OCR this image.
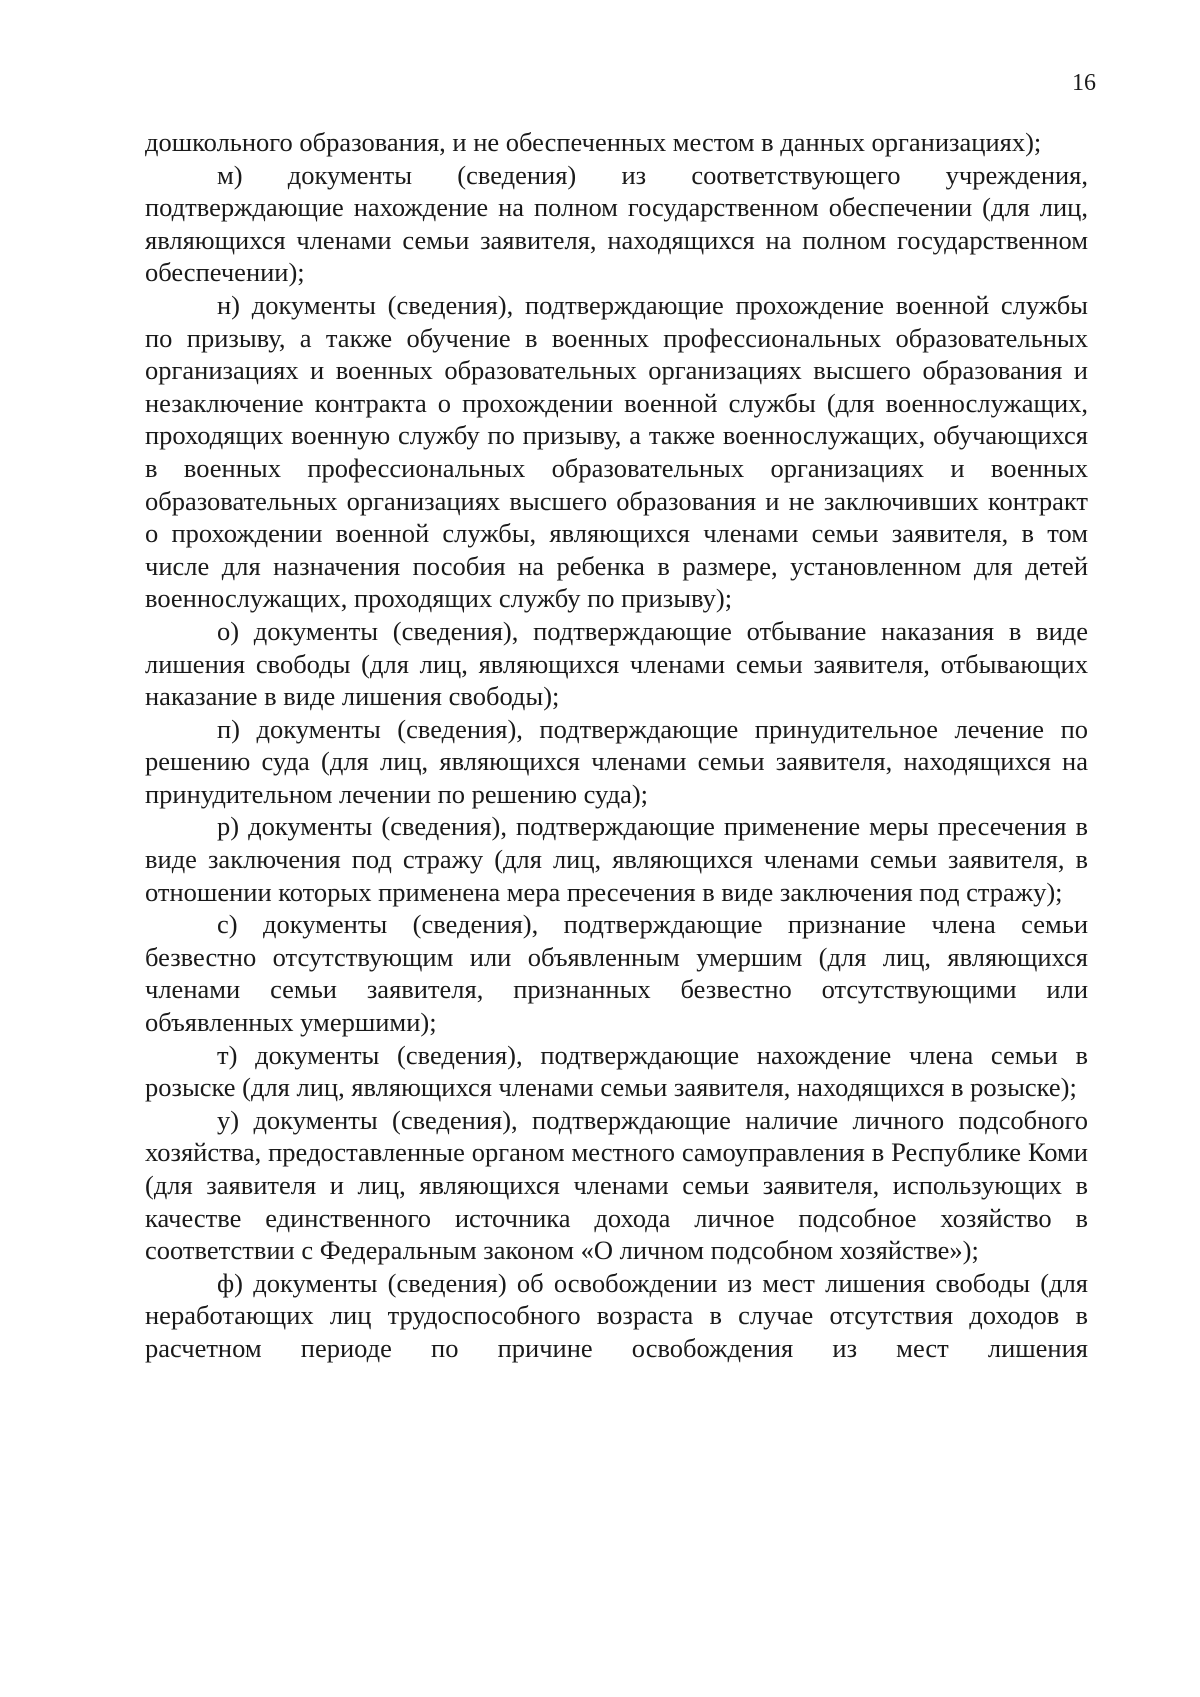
16

дошкольного образования, и не обеспеченных местом в данных организациях);

м) документы (сведения) из соответствующего учреждения, подтверждающие нахождение на полном государственном обеспечении (для лиц, являющихся членами семьи заявителя, находящихся на полном государственном обеспечении);

н) документы (сведения), подтверждающие прохождение военной службы по призыву, а также обучение в военных профессиональных образовательных организациях и военных образовательных организациях высшего образования и незаключение контракта о прохождении военной службы (для военнослужащих, проходящих военную службу по призыву, а также военнослужащих, обучающихся в военных профессиональных образовательных организациях и военных образовательных организациях высшего образования и не заключивших контракт о прохождении военной службы, являющихся членами семьи заявителя, в том числе для назначения пособия на ребенка в размере, установленном для детей военнослужащих, проходящих службу по призыву);

о) документы (сведения), подтверждающие отбывание наказания в виде лишения свободы (для лиц, являющихся членами семьи заявителя, отбывающих наказание в виде лишения свободы);

п) документы (сведения), подтверждающие принудительное лечение по решению суда (для лиц, являющихся членами семьи заявителя, находящихся на принудительном лечении по решению суда);

р) документы (сведения), подтверждающие применение меры пресечения в виде заключения под стражу (для лиц, являющихся членами семьи заявителя, в отношении которых применена мера пресечения в виде заключения под стражу);

с) документы (сведения), подтверждающие признание члена семьи безвестно отсутствующим или объявленным умершим (для лиц, являющихся членами семьи заявителя, признанных безвестно отсутствующими или объявленных умершими);

т) документы (сведения), подтверждающие нахождение члена семьи в розыске (для лиц, являющихся членами семьи заявителя, находящихся в розыске);

у) документы (сведения), подтверждающие наличие личного подсобного хозяйства, предоставленные органом местного самоуправления в Республике Коми (для заявителя и лиц, являющихся членами семьи заявителя, использующих в качестве единственного источника дохода личное подсобное хозяйство в соответствии с Федеральным законом «О личном подсобном хозяйстве»);

ф) документы (сведения) об освобождении из мест лишения свободы (для неработающих лиц трудоспособного возраста в случае отсутствия доходов в расчетном периоде по причине освобождения из мест лишения
